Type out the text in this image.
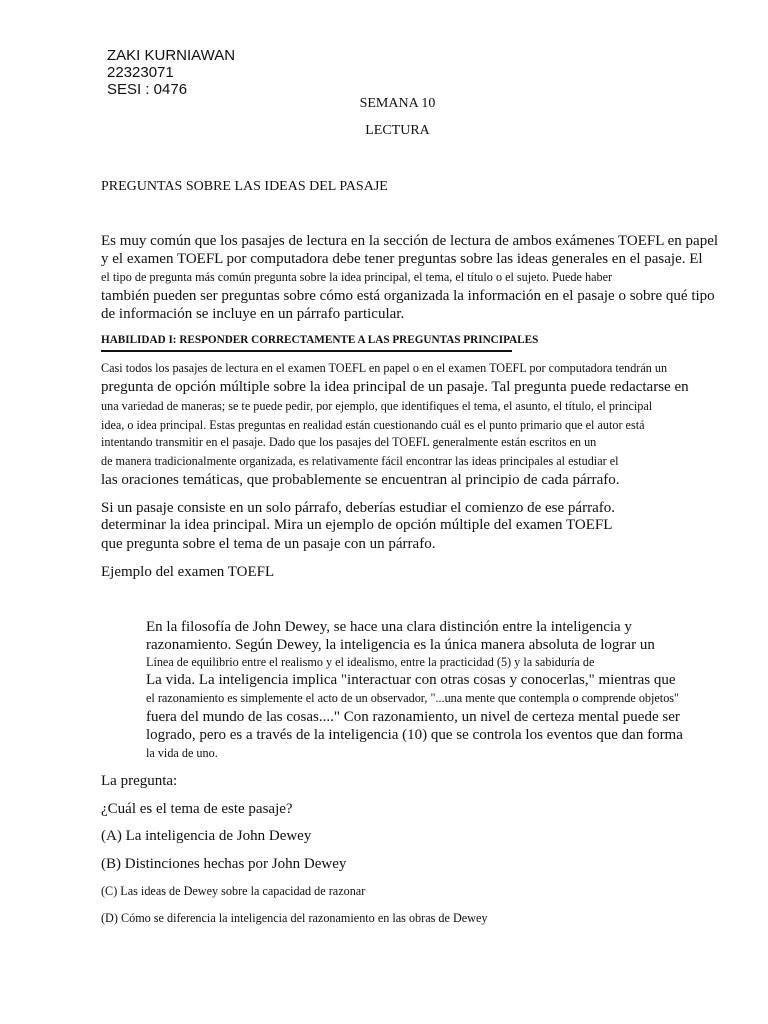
ZAKI KURNIAWAN
22323071
SESI : 0476
SEMANA 10
LECTURA
PREGUNTAS SOBRE LAS IDEAS DEL PASAJE
Es muy común que los pasajes de lectura en la sección de lectura de ambos exámenes TOEFL en papel
y el examen TOEFL por computadora debe tener preguntas sobre las ideas generales en el pasaje. El
el tipo de pregunta más común pregunta sobre la idea principal, el tema, el título o el sujeto. Puede haber
también pueden ser preguntas sobre cómo está organizada la información en el pasaje o sobre qué tipo
de información se incluye en un párrafo particular.
HABILIDAD I: RESPONDER CORRECTAMENTE A LAS PREGUNTAS PRINCIPALES
Casi todos los pasajes de lectura en el examen TOEFL en papel o en el examen TOEFL por computadora tendrán un
pregunta de opción múltiple sobre la idea principal de un pasaje. Tal pregunta puede redactarse en
una variedad de maneras; se te puede pedir, por ejemplo, que identifiques el tema, el asunto, el título, el principal
idea, o idea principal. Estas preguntas en realidad están cuestionando cuál es el punto primario que el autor está
intentando transmitir en el pasaje. Dado que los pasajes del TOEFL generalmente están escritos en un
de manera tradicionalmente organizada, es relativamente fácil encontrar las ideas principales al estudiar el
las oraciones temáticas, que probablemente se encuentran al principio de cada párrafo.
Si un pasaje consiste en un solo párrafo, deberías estudiar el comienzo de ese párrafo.
determinar la idea principal. Mira un ejemplo de opción múltiple del examen TOEFL
que pregunta sobre el tema de un pasaje con un párrafo.
Ejemplo del examen TOEFL
En la filosofía de John Dewey, se hace una clara distinción entre la inteligencia y
razonamiento. Según Dewey, la inteligencia es la única manera absoluta de lograr un
Línea de equilibrio entre el realismo y el idealismo, entre la practicidad (5) y la sabiduría de
La vida. La inteligencia implica "interactuar con otras cosas y conocerlas," mientras que
el razonamiento es simplemente el acto de un observador, "...una mente que contempla o comprende objetos"
fuera del mundo de las cosas...." Con razonamiento, un nivel de certeza mental puede ser
logrado, pero es a través de la inteligencia (10) que se controla los eventos que dan forma
la vida de uno.
La pregunta:
¿Cuál es el tema de este pasaje?
(A) La inteligencia de John Dewey
(B) Distinciones hechas por John Dewey
(C) Las ideas de Dewey sobre la capacidad de razonar
(D) Cómo se diferencia la inteligencia del razonamiento en las obras de Dewey
